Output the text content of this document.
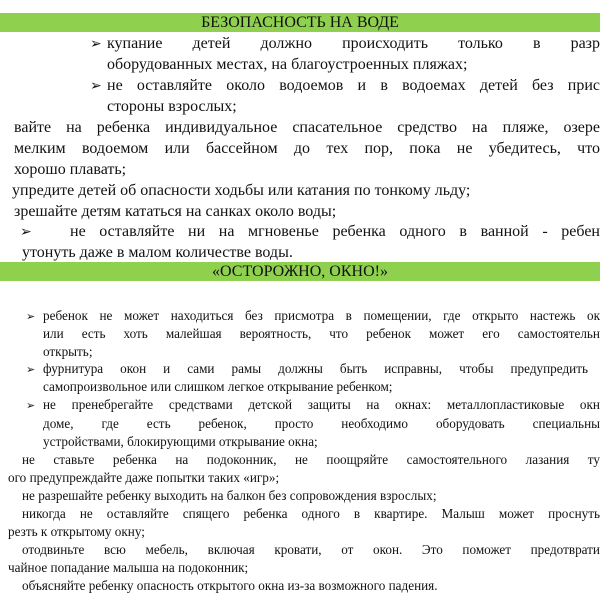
БЕЗОПАСНОСТЬ НА ВОДЕ
➢ купание детей должно происходить только в разр
оборудованных местах, на благоустроенных пляжах;
➢ не оставляйте около водоемов и в водоемах детей без прис
стороны взрослых;
вайте на ребенка индивидуальное спасательное средство на пляже, озере
мелким водоемом или бассейном до тех пор, пока не убедитесь, что
хорошо плавать;
упредите детей об опасности ходьбы или катания по тонкому льду;
зрешайте детям кататься на санках около воды;
➢ не оставляйте ни на мгновенье ребенка одного в ванной - ребен
утонуть даже в малом количестве воды.
«ОСТОРОЖНО, ОКНО!»
➢ ребенок не может находиться без присмотра в помещении, где открыто настежь ок
или есть хоть малейшая вероятность, что ребенок может его самостоятельн
открыть;
➢ фурнитура окон и сами рамы должны быть исправны, чтобы предупредить
самопроизвольное или слишком легкое открывание ребенком;
➢ не пренебрегайте средствами детской защиты на окнах: металлопластиковые окн
доме, где есть ребенок, просто необходимо оборудовать специальны
устройствами, блокирующими открывание окна;
не ставьте ребенка на подоконник, не поощряйте самостоятельного лазания ту
ого предупреждайте даже попытки таких «игр»;
не разрешайте ребенку выходить на балкон без сопровождения взрослых;
никогда не оставляйте спящего ребенка одного в квартире. Малыш может проснуть
резть к открытому окну;
отодвиньте всю мебель, включая кровати, от окон. Это поможет предотврати
чайное попадание малыша на подоконник;
объясняйте ребенку опасность открытого окна из-за возможного падения.
